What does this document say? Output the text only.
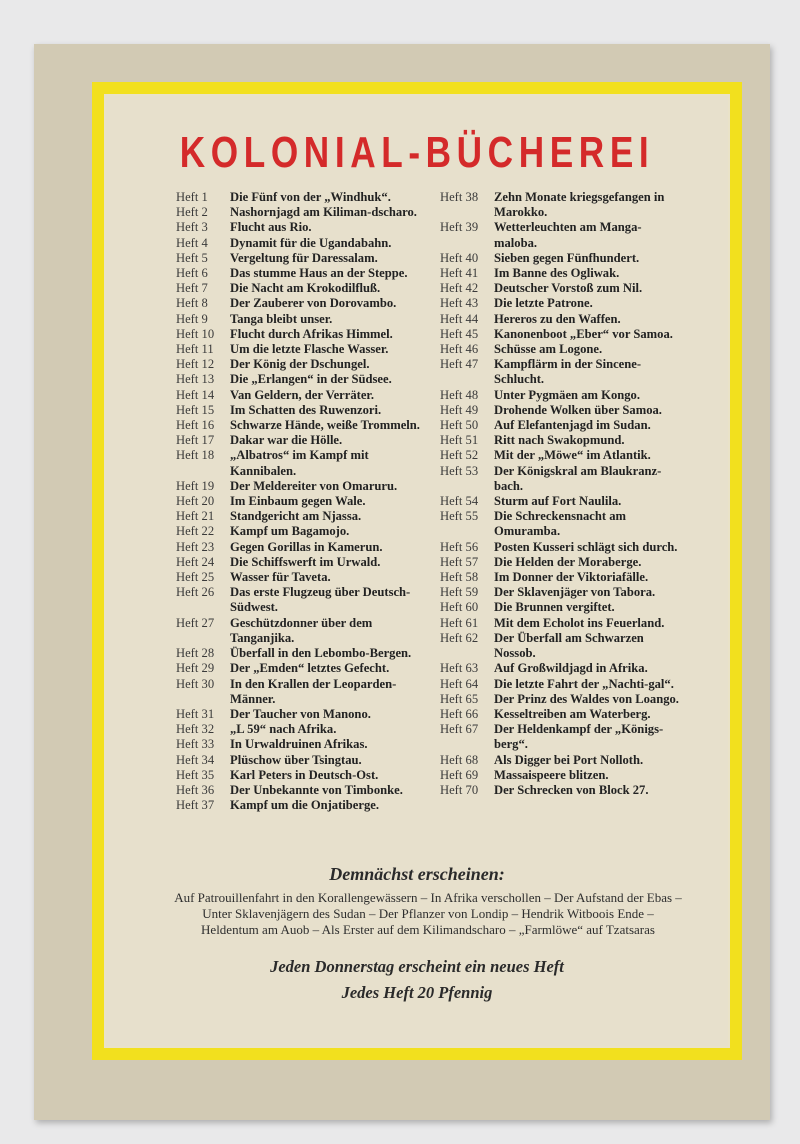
KOLONIAL-BÜCHEREI
Heft 1	Die Fünf von der „Windhuk“.
Heft 2	Nashornjagd am Kiliman-dscharo.
Heft 3	Flucht aus Rio.
Heft 4	Dynamit für die Ugandabahn.
Heft 5	Vergeltung für Daressalam.
Heft 6	Das stumme Haus an der Steppe.
Heft 7	Die Nacht am Krokodilfluß.
Heft 8	Der Zauberer von Dorovambo.
Heft 9	Tanga bleibt unser.
Heft 10	Flucht durch Afrikas Himmel.
Heft 11	Um die letzte Flasche Wasser.
Heft 12	Der König der Dschungel.
Heft 13	Die „Erlangen“ in der Südsee.
Heft 14	Van Geldern, der Verräter.
Heft 15	Im Schatten des Ruwenzori.
Heft 16	Schwarze Hände, weiße Trommeln.
Heft 17	Dakar war die Hölle.
Heft 18	„Albatros“ im Kampf mit Kannibalen.
Heft 19	Der Meldereiter von Omaruru.
Heft 20	Im Einbaum gegen Wale.
Heft 21	Standgericht am Njassa.
Heft 22	Kampf um Bagamojo.
Heft 23	Gegen Gorillas in Kamerun.
Heft 24	Die Schiffswerft im Urwald.
Heft 25	Wasser für Taveta.
Heft 26	Das erste Flugzeug über Deutsch-Südwest.
Heft 27	Geschützdonner über dem Tanganjika.
Heft 28	Überfall in den Lebombo-Bergen.
Heft 29	Der „Emden“ letztes Gefecht.
Heft 30	In den Krallen der Leoparden-Männer.
Heft 31	Der Taucher von Manono.
Heft 32	„L 59“ nach Afrika.
Heft 33	In Urwaldruinen Afrikas.
Heft 34	Plüschow über Tsingtau.
Heft 35	Karl Peters in Deutsch-Ost.
Heft 36	Der Unbekannte von Timbonke.
Heft 37	Kampf um die Onjatiberge.
Heft 38	Zehn Monate kriegsgefangen in Marokko.
Heft 39	Wetterleuchten am Manga-maloba.
Heft 40	Sieben gegen Fünfhundert.
Heft 41	Im Banne des Ogliwak.
Heft 42	Deutscher Vorstoß zum Nil.
Heft 43	Die letzte Patrone.
Heft 44	Hereros zu den Waffen.
Heft 45	Kanonenboot „Eber“ vor Samoa.
Heft 46	Schüsse am Logone.
Heft 47	Kampflärm in der Sincene-Schlucht.
Heft 48	Unter Pygmäen am Kongo.
Heft 49	Drohende Wolken über Samoa.
Heft 50	Auf Elefantenjagd im Sudan.
Heft 51	Ritt nach Swakopmund.
Heft 52	Mit der „Möwe“ im Atlantik.
Heft 53	Der Königskral am Blaukranz-bach.
Heft 54	Sturm auf Fort Naulila.
Heft 55	Die Schreckensnacht am Omuramba.
Heft 56	Posten Kusseri schlägt sich durch.
Heft 57	Die Helden der Moraberge.
Heft 58	Im Donner der Viktoriafälle.
Heft 59	Der Sklavenjäger von Tabora.
Heft 60	Die Brunnen vergiftet.
Heft 61	Mit dem Echolot ins Feuerland.
Heft 62	Der Überfall am Schwarzen Nossob.
Heft 63	Auf Großwildjagd in Afrika.
Heft 64	Die letzte Fahrt der „Nachti-gal“.
Heft 65	Der Prinz des Waldes von Loango.
Heft 66	Kesseltreiben am Waterberg.
Heft 67	Der Heldenkampf der „Königs-berg“.
Heft 68	Als Digger bei Port Nolloth.
Heft 69	Massaispeere blitzen.
Heft 70	Der Schrecken von Block 27.
Demnächst erscheinen:
Auf Patrouillenfahrt in den Korallengewässern – In Afrika verschollen – Der Aufstand der Ebas – Unter Sklavenjägern des Sudan – Der Pflanzer von Londip – Hendrik Witboois Ende – Heldentum am Auob – Als Erster auf dem Kilimandscharo – „Farmlöwe“ auf Tzatsaras
Jeden Donnerstag erscheint ein neues Heft
Jedes Heft 20 Pfennig
